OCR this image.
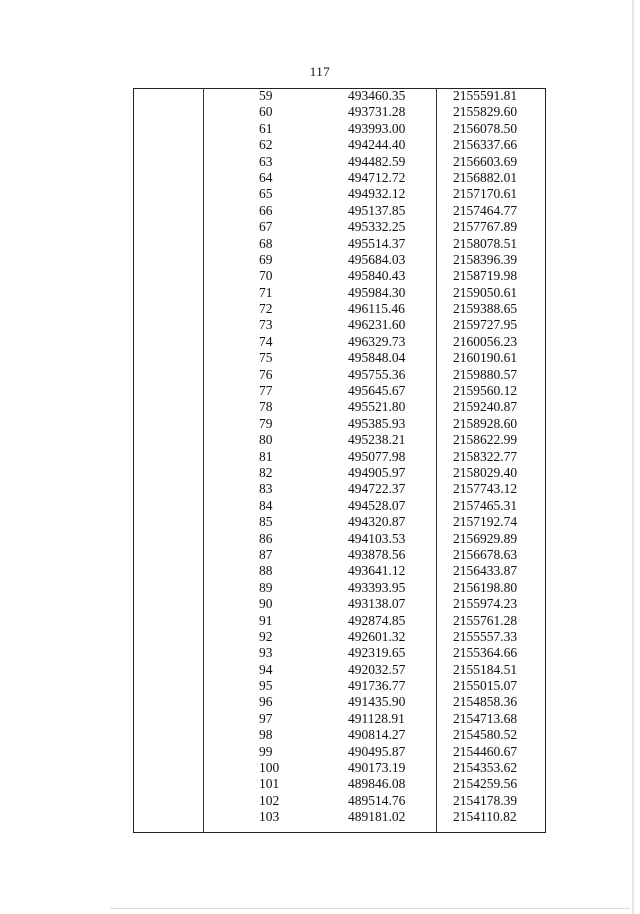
117
59	493460.35	2155591.81
60	493731.28	2155829.60
61	493993.00	2156078.50
62	494244.40	2156337.66
63	494482.59	2156603.69
64	494712.72	2156882.01
65	494932.12	2157170.61
66	495137.85	2157464.77
67	495332.25	2157767.89
68	495514.37	2158078.51
69	495684.03	2158396.39
70	495840.43	2158719.98
71	495984.30	2159050.61
72	496115.46	2159388.65
73	496231.60	2159727.95
74	496329.73	2160056.23
75	495848.04	2160190.61
76	495755.36	2159880.57
77	495645.67	2159560.12
78	495521.80	2159240.87
79	495385.93	2158928.60
80	495238.21	2158622.99
81	495077.98	2158322.77
82	494905.97	2158029.40
83	494722.37	2157743.12
84	494528.07	2157465.31
85	494320.87	2157192.74
86	494103.53	2156929.89
87	493878.56	2156678.63
88	493641.12	2156433.87
89	493393.95	2156198.80
90	493138.07	2155974.23
91	492874.85	2155761.28
92	492601.32	2155557.33
93	492319.65	2155364.66
94	492032.57	2155184.51
95	491736.77	2155015.07
96	491435.90	2154858.36
97	491128.91	2154713.68
98	490814.27	2154580.52
99	490495.87	2154460.67
100	490173.19	2154353.62
101	489846.08	2154259.56
102	489514.76	2154178.39
103	489181.02	2154110.82
